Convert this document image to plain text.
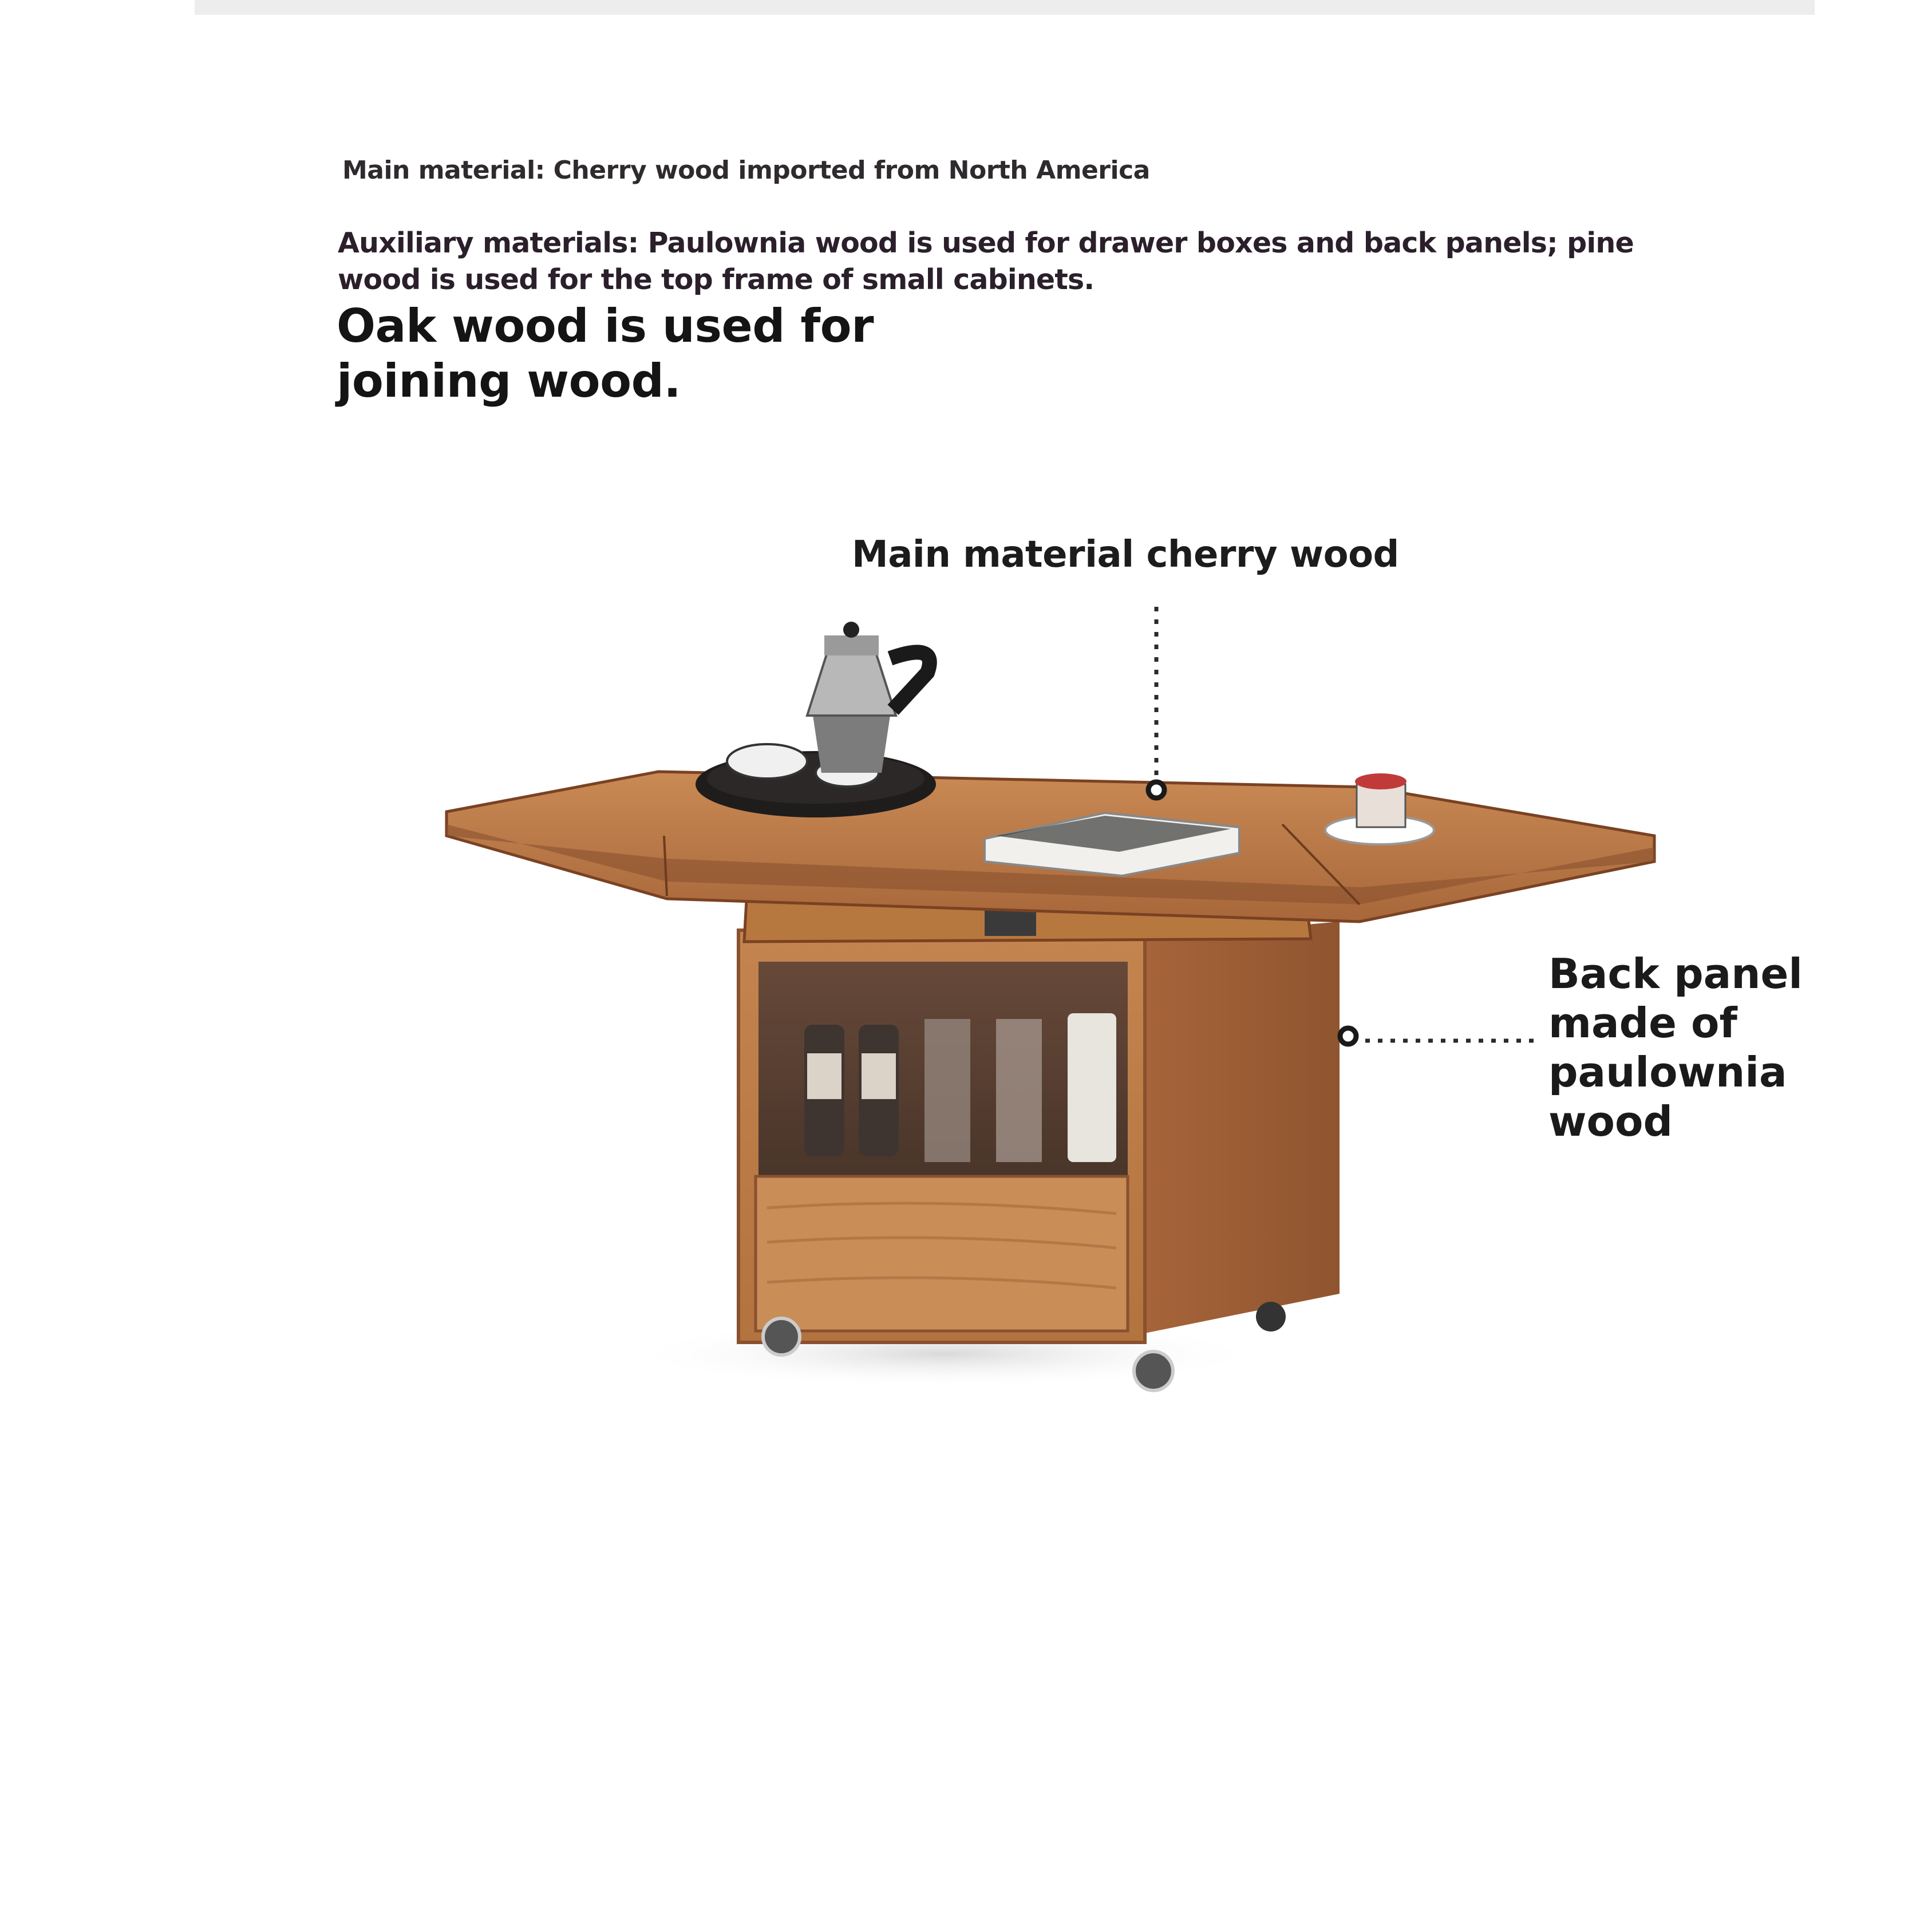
Main material: Cherry wood imported from North America
Auxiliary materials: Paulownia wood is used for drawer boxes and back panels; pine wood is used for the top frame of small cabinets.
Oak wood is used for joining wood.
Main material cherry wood
Back panel made of paulownia wood
